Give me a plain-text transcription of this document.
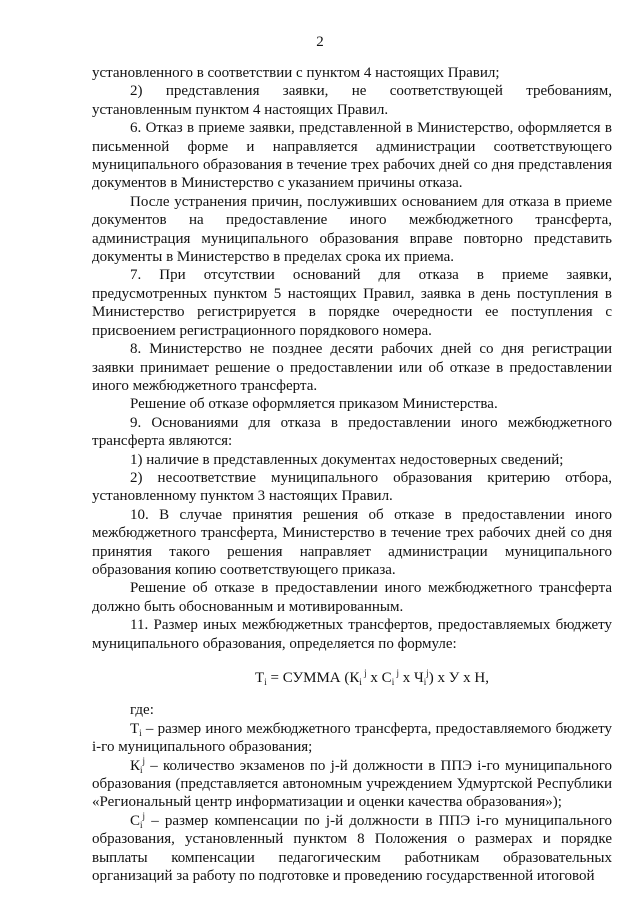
2

установленного в соответствии с пунктом 4 настоящих Правил;

2) представления заявки, не соответствующей требованиям, установленным пунктом 4 настоящих Правил.

6. Отказ в приеме заявки, представленной в Министерство, оформляется в письменной форме и направляется администрации соответствующего муниципального образования в течение трех рабочих дней со дня представления документов в Министерство с указанием причины отказа.

После устранения причин, послуживших основанием для отказа в приеме документов на предоставление иного межбюджетного трансферта, администрация муниципального образования вправе повторно представить документы в Министерство в пределах срока их приема.

7. При отсутствии оснований для отказа в приеме заявки, предусмотренных пунктом 5 настоящих Правил, заявка в день поступления в Министерство регистрируется в порядке очередности ее поступления с присвоением регистрационного порядкового номера.

8. Министерство не позднее десяти рабочих дней со дня регистрации заявки принимает решение о предоставлении или об отказе в предоставлении иного межбюджетного трансферта.

Решение об отказе оформляется приказом Министерства.

9. Основаниями для отказа в предоставлении иного межбюджетного трансферта являются:

1) наличие в представленных документах недостоверных сведений;

2) несоответствие муниципального образования критерию отбора, установленному пунктом 3 настоящих Правил.

10. В случае принятия решения об отказе в предоставлении иного межбюджетного трансферта, Министерство в течение трех рабочих дней со дня принятия такого решения направляет администрации муниципального образования копию соответствующего приказа.

Решение об отказе в предоставлении иного межбюджетного трансферта должно быть обоснованным и мотивированным.

11. Размер иных межбюджетных трансфертов, предоставляемых бюджету муниципального образования, определяется по формуле:

$T_i$ = СУММА ($К_i$ $^j$ x $С_i$ $^j$ x $Ч_i^j$) x У x Н,

где:

$T_i$ – размер иного межбюджетного трансферта, предоставляемого бюджету i-го муниципального образования;

$К_i^j$ – количество экзаменов по j-й должности в ППЭ i-го муниципального образования (представляется автономным учреждением Удмуртской Республики «Региональный центр информатизации и оценки качества образования»);

$С_i^j$ – размер компенсации по j-й должности в ППЭ i-го муниципального образования, установленный пунктом 8 Положения о размерах и порядке выплаты компенсации педагогическим работникам образовательных организаций за работу по подготовке и проведению государственной итоговой
